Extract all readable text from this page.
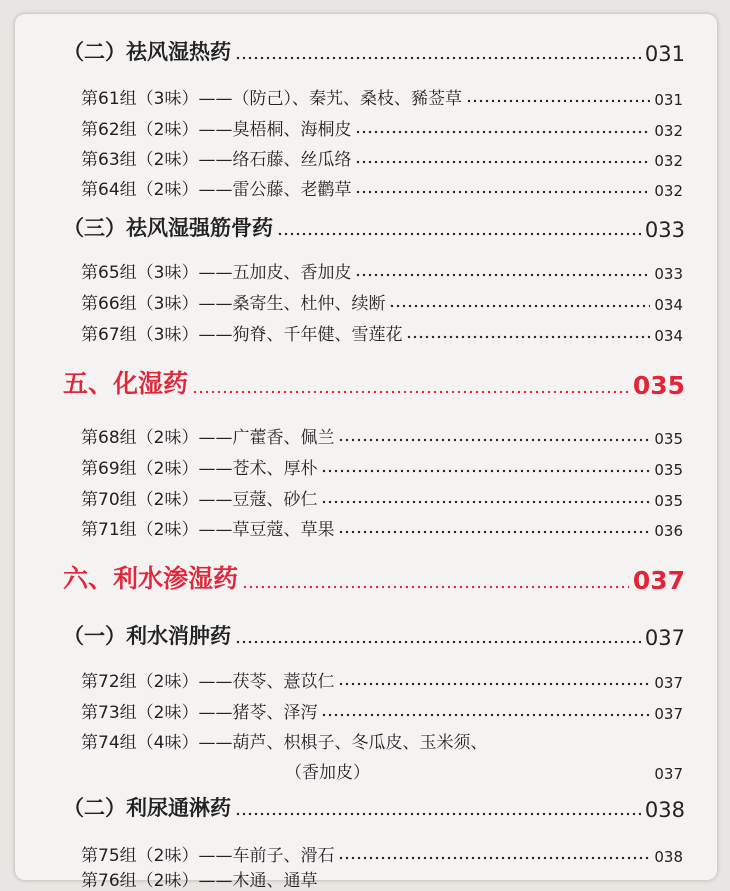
（二）祛风湿热药	031
第61组（3味）——（防己）、秦艽、桑枝、豨莶草	031
第62组（2味）——臭梧桐、海桐皮	032
第63组（2味）——络石藤、丝瓜络	032
第64组（2味）——雷公藤、老鹳草	032
（三）祛风湿强筋骨药	033
第65组（3味）——五加皮、香加皮	033
第66组（3味）——桑寄生、杜仲、续断	034
第67组（3味）——狗脊、千年健、雪莲花	034
五、化湿药	035
第68组（2味）——广藿香、佩兰	035
第69组（2味）——苍术、厚朴	035
第70组（2味）——豆蔻、砂仁	035
第71组（2味）——草豆蔻、草果	036
六、利水渗湿药	037
（一）利水消肿药	037
第72组（2味）——茯苓、薏苡仁	037
第73组（2味）——猪苓、泽泻	037
第74组（4味）——葫芦、枳椇子、冬瓜皮、玉米须、
（香加皮）	037
（二）利尿通淋药	038
第75组（2味）——车前子、滑石	038
第76组（2味）——木通、通草
